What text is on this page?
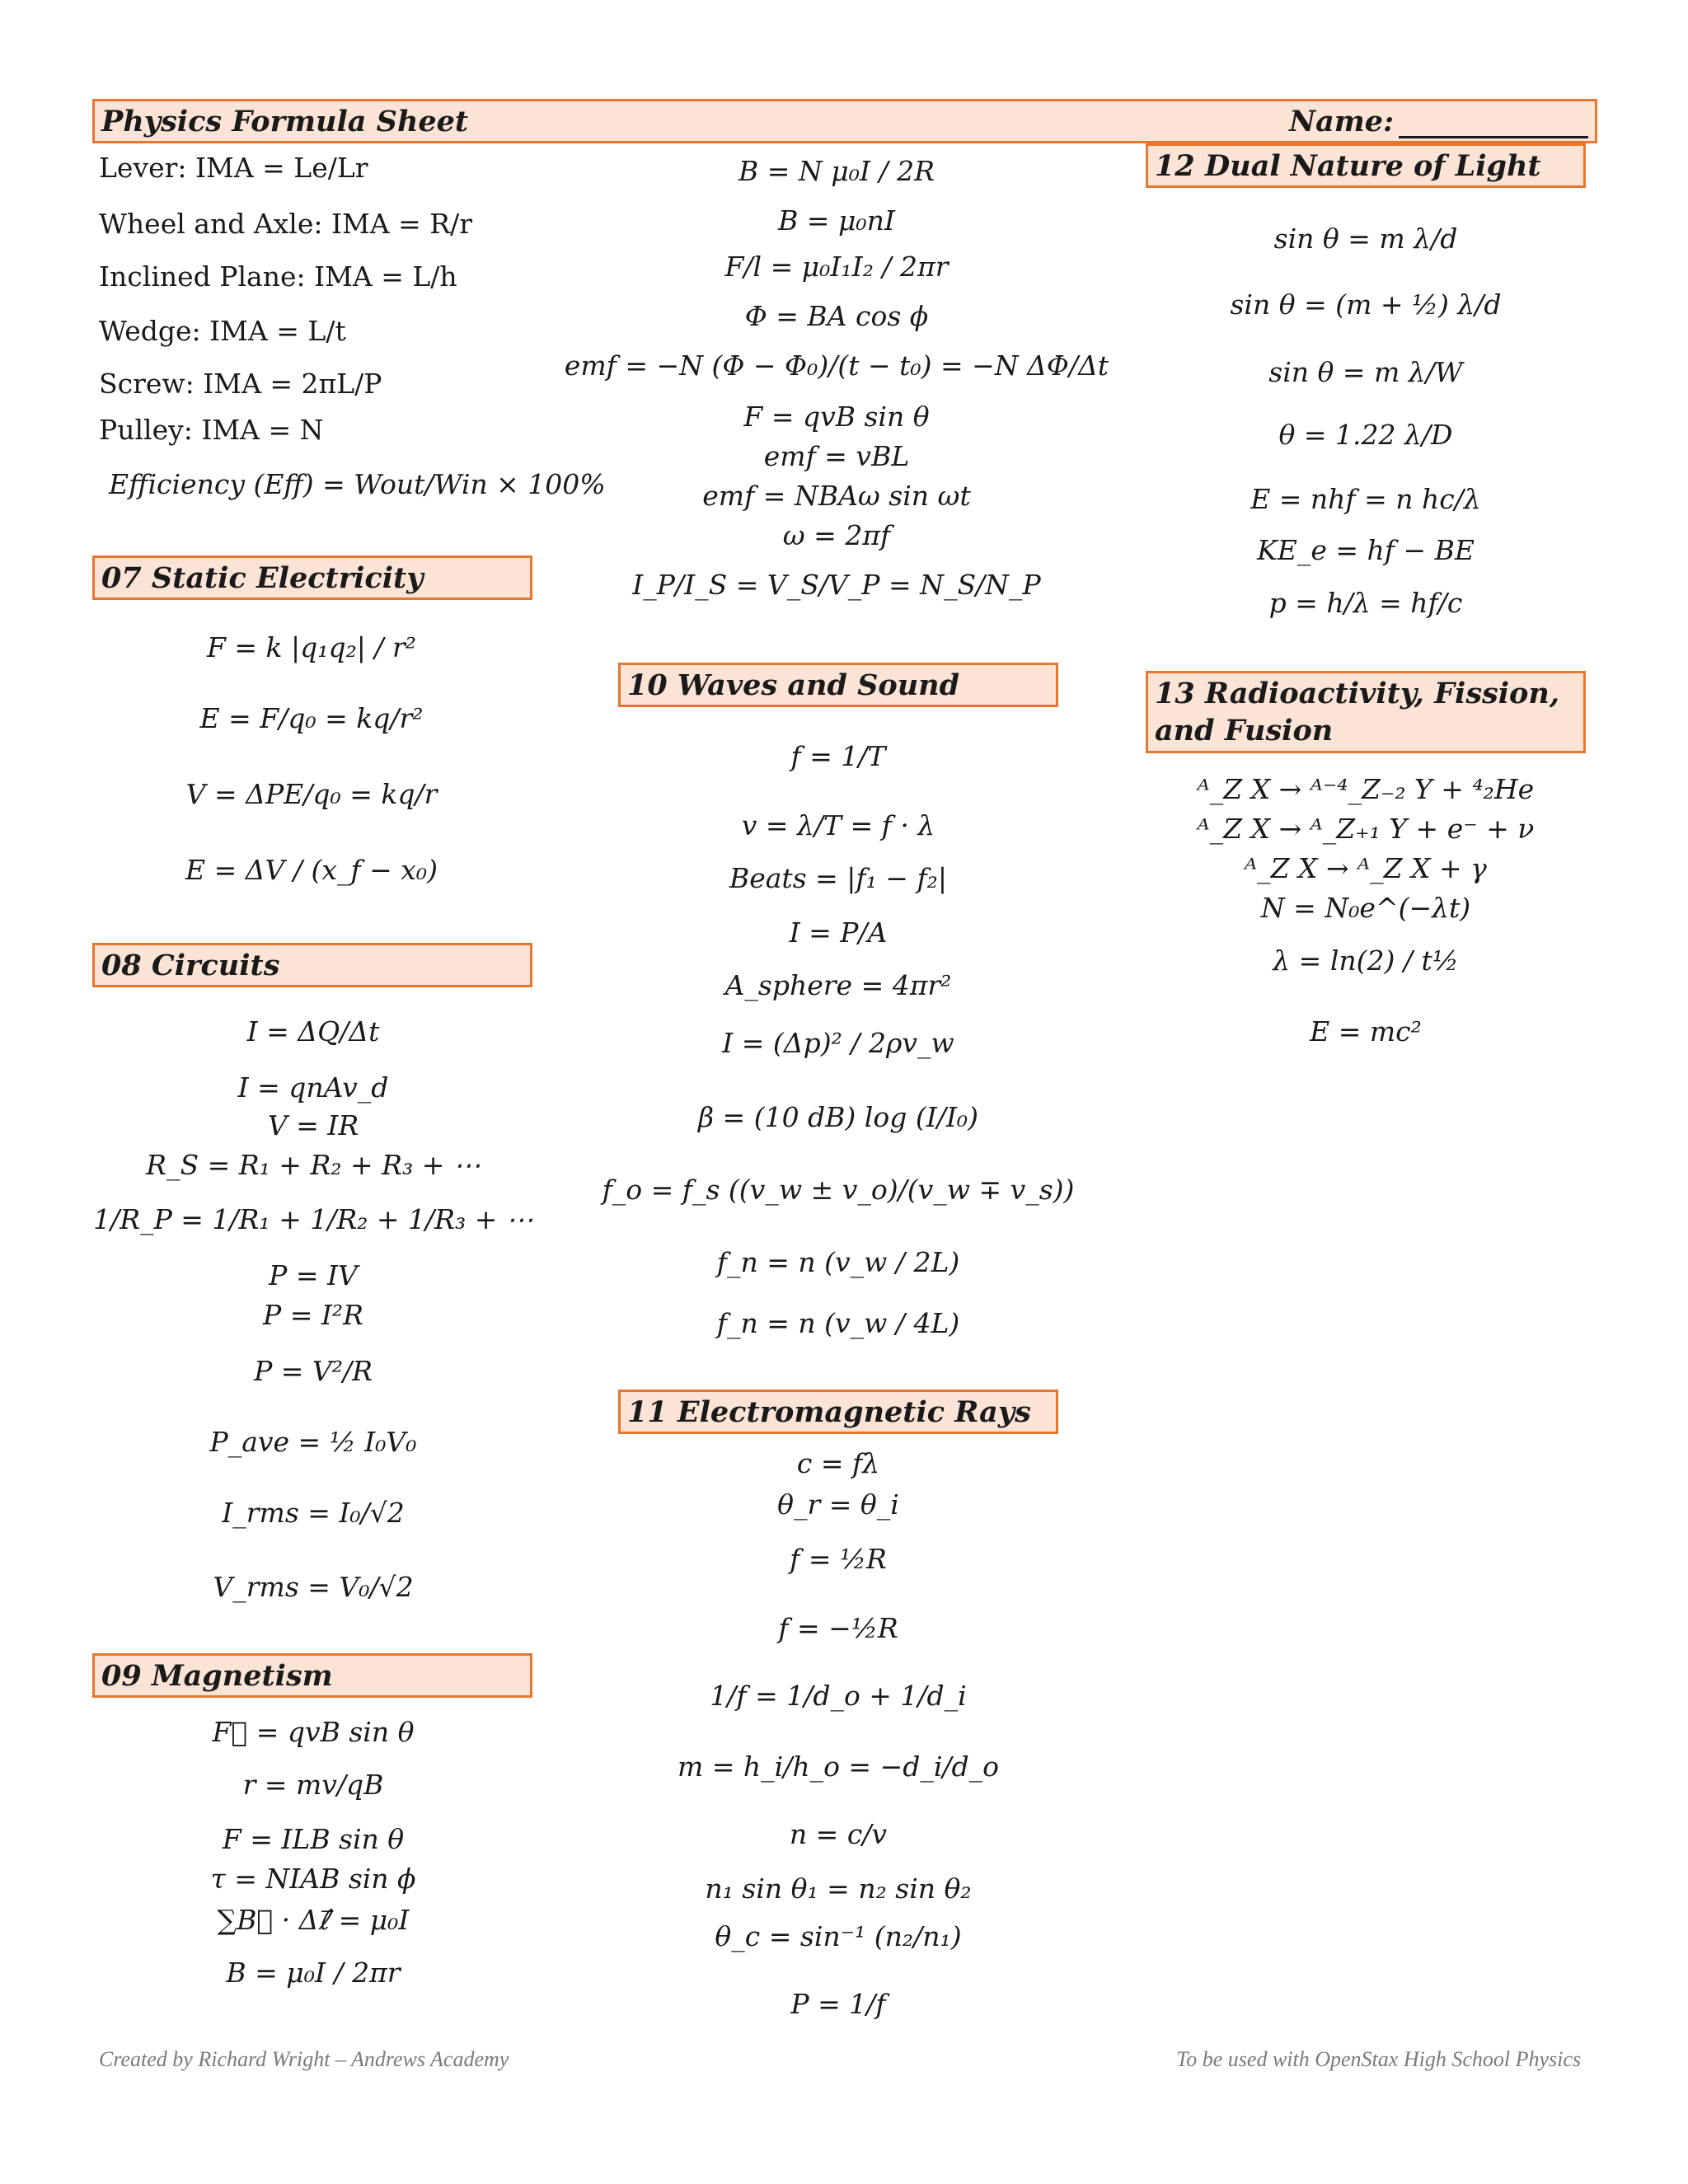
Physics Formula Sheet	Name:
Lever: IMA = Le/Lr
Wheel and Axle: IMA = R/r
Inclined Plane: IMA = L/h
Wedge: IMA = L/t
Screw: IMA = 2πL/P
Pulley: IMA = N
Efficiency (Eff) = Wout/Win × 100%
07 Static Electricity
F = k |q₁q₂| / r²
E = F/q₀ = kq/r²
V = ΔPE/q₀ = kq/r
E = ΔV / (x_f − x₀)
08 Circuits
I = ΔQ/Δt
I = qnAv_d
V = IR
R_S = R₁ + R₂ + R₃ + ⋯
1/R_P = 1/R₁ + 1/R₂ + 1/R₃ + ⋯
P = IV
P = I²R
P = V²/R
P_ave = ½ I₀V₀
I_rms = I₀/√2
V_rms = V₀/√2
09 Magnetism
F⃗ = qvB sin θ
r = mv/qB
F = ILB sin θ
τ = NIAB sin ϕ
∑B⃗ · Δℓ⃗ = μ₀I
B = μ₀I / 2πr
B = N μ₀I / 2R
B = μ₀nI
F/l = μ₀I₁I₂ / 2πr
Φ = BA cos ϕ
emf = −N (Φ − Φ₀)/(t − t₀) = −N ΔΦ/Δt
F = qvB sin θ
emf = vBL
emf = NBAω sin ωt
ω = 2πf
I_P/I_S = V_S/V_P = N_S/N_P
10 Waves and Sound
f = 1/T
v = λ/T = f · λ
Beats = |f₁ − f₂|
I = P/A
A_sphere = 4πr²
I = (Δp)² / 2ρv_w
β = (10 dB) log (I/I₀)
f_o = f_s ((v_w ± v_o)/(v_w ∓ v_s))
f_n = n (v_w / 2L)
f_n = n (v_w / 4L)
11 Electromagnetic Rays
c = fλ
θ_r = θ_i
f = ½R
f = −½R
1/f = 1/d_o + 1/d_i
m = h_i/h_o = −d_i/d_o
n = c/v
n₁ sin θ₁ = n₂ sin θ₂
θ_c = sin⁻¹ (n₂/n₁)
P = 1/f
12 Dual Nature of Light
sin θ = m λ/d
sin θ = (m + ½) λ/d
sin θ = m λ/W
θ = 1.22 λ/D
E = nhf = n hc/λ
KE_e = hf − BE
p = h/λ = hf/c
13 Radioactivity, Fission, and Fusion
ᴬ_Z X → ᴬ⁻⁴_Z₋₂ Y + ⁴₂He
ᴬ_Z X → ᴬ_Z₊₁ Y + e⁻ + ν
ᴬ_Z X → ᴬ_Z X + γ
N = N₀e^(−λt)
λ = ln(2) / t½
E = mc²
Created by Richard Wright – Andrews Academy	To be used with OpenStax High School Physics
